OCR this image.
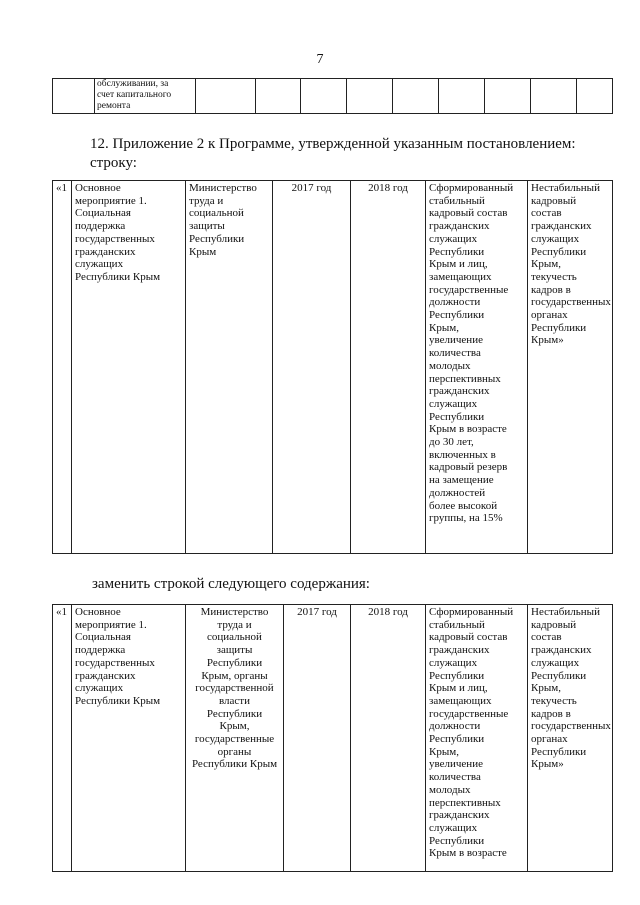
7
	обслуживании, за
счет капитального
ремонта									
12. Приложение 2 к Программе, утвержденной указанным постановлением:
строку:
«1	Основное
мероприятие 1.
Социальная
поддержка
государственных
гражданских
служащих
Республики Крым	Министерство
труда и
социальной
защиты
Республики
Крым	2017 год	2018 год	Сформированный
стабильный
кадровый состав
гражданских
служащих
Республики
Крым и лиц,
замещающих
государственные
должности
Республики
Крым,
увеличение
количества
молодых
перспективных
гражданских
служащих
Республики
Крым в возрасте
до 30 лет,
включенных в
кадровый резерв
на замещение
должностей
более высокой
группы, на 15%	Нестабильный
кадровый состав
гражданских
служащих
Республики
Крым, текучесть
кадров в
государственных
органах
Республики
Крым»
заменить строкой следующего содержания:
«1	Основное
мероприятие 1.
Социальная
поддержка
государственных
гражданских
служащих
Республики Крым	Министерство
труда и
социальной
защиты
Республики
Крым, органы
государственной
власти
Республики
Крым,
государственные
органы
Республики Крым	2017 год	2018 год	Сформированный
стабильный
кадровый состав
гражданских
служащих
Республики
Крым и лиц,
замещающих
государственные
должности
Республики
Крым,
увеличение
количества
молодых
перспективных
гражданских
служащих
Республики
Крым в возрасте	Нестабильный
кадровый состав
гражданских
служащих
Республики
Крым, текучесть
кадров в
государственных
органах
Республики
Крым»
